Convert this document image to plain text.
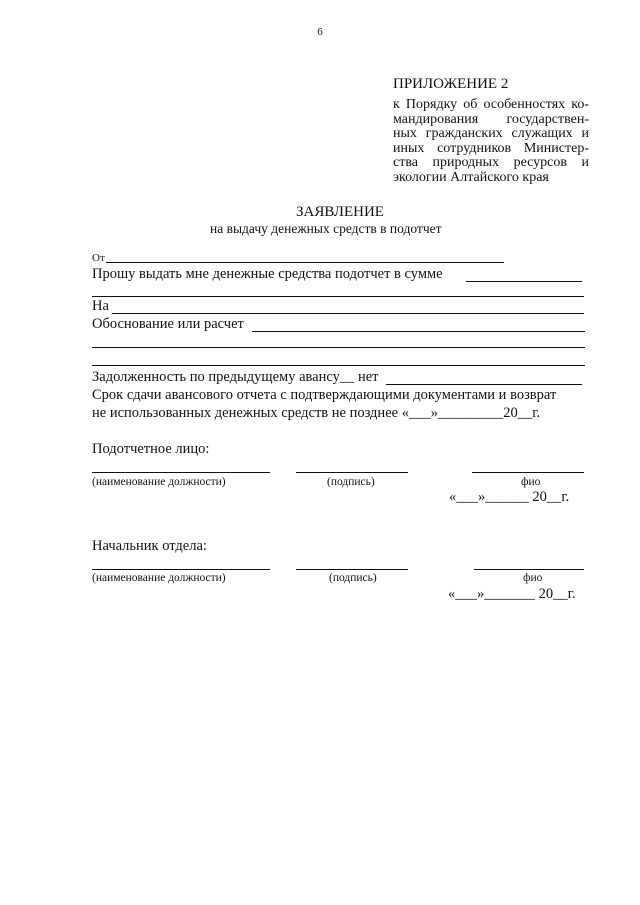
6
ПРИЛОЖЕНИЕ 2
к Порядку об особенностях ко-
мандирования государствен-
ных гражданских служащих и
иных сотрудников Министер-
ства природных ресурсов и
экологии Алтайского края
ЗАЯВЛЕНИЕ
на выдачу денежных средств в подотчет
От
Прошу выдать мне денежные средства подотчет в сумме
На
Обоснование или расчет
Задолженность по предыдущему авансу__ нет
Срок сдачи авансового отчета с подтверждающими документами и возврат
не использованных денежных средств не позднее «___»_________20__г.
Подотчетное лицо:
(наименование должности)	(подпись)	фио
«___»______ 20__г.
Начальник отдела:
(наименование должности)	(подпись)	фио
«___»_______ 20__г.
